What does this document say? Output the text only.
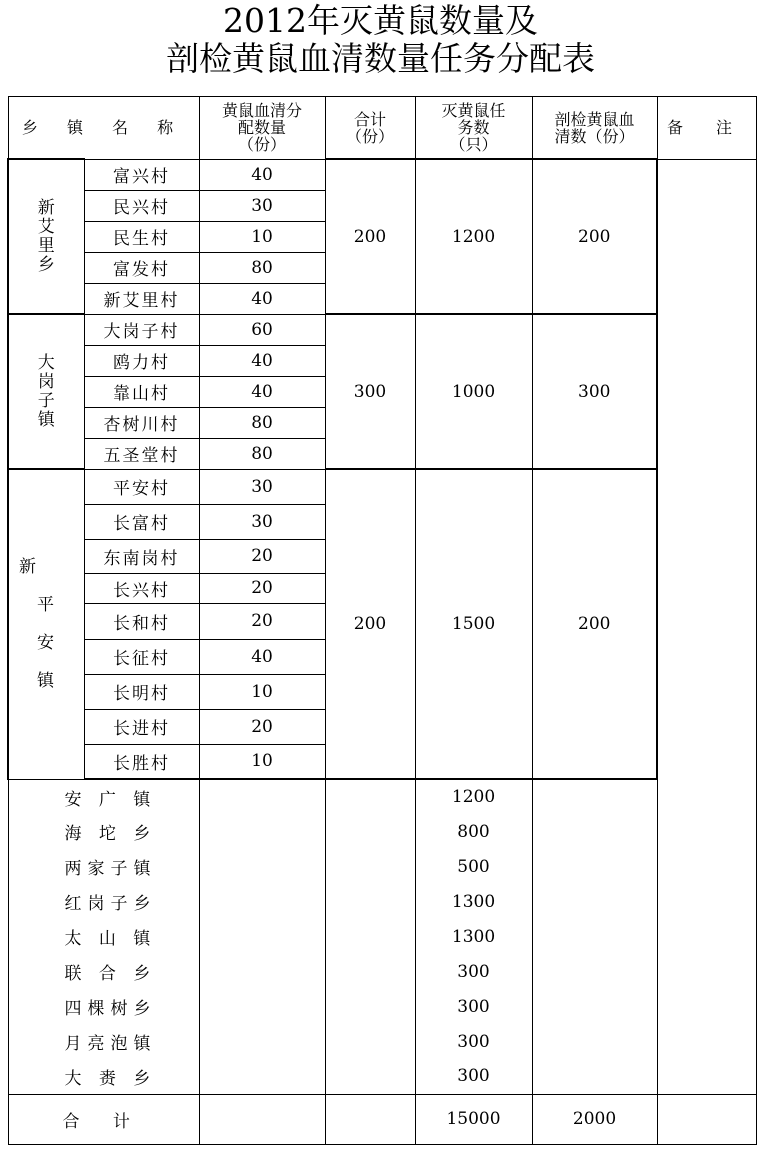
2012年灭黄鼠数量及
剖检黄鼠血清数量任务分配表
乡 镇 名 称		黄鼠血清分
配数量
（份）	合计
（份）	灭黄鼠任
务数
（只）	剖检黄鼠血
清数（份）	备 注

新
艾
里
乡	富兴村	40	200	1200	200	
	民兴村	30				
	民生村	10				
	富发村	80				
	新艾里村	40				

大
岗
子
镇	大岗子村	60	300	1000	300	
	鸥力村	40				
	靠山村	40				
	杏树川村	80				
	五圣堂村	80				

新
平
安
镇	平安村	30	200	1500	200	
	长富村	30				
	东南岗村	20				
	长兴村	20				
	长和村	20				
	长征村	40				
	长明村	10				
	长进村	20				
	长胜村	10				
安 广 镇				1200		
海 坨 乡				800		
两家子镇				500		
红岗子乡				1300		
太 山 镇				1300		
联 合 乡				300		
四棵树乡				300		
月亮泡镇				300		
大 赉 乡				300		
合 计				15000	2000	
